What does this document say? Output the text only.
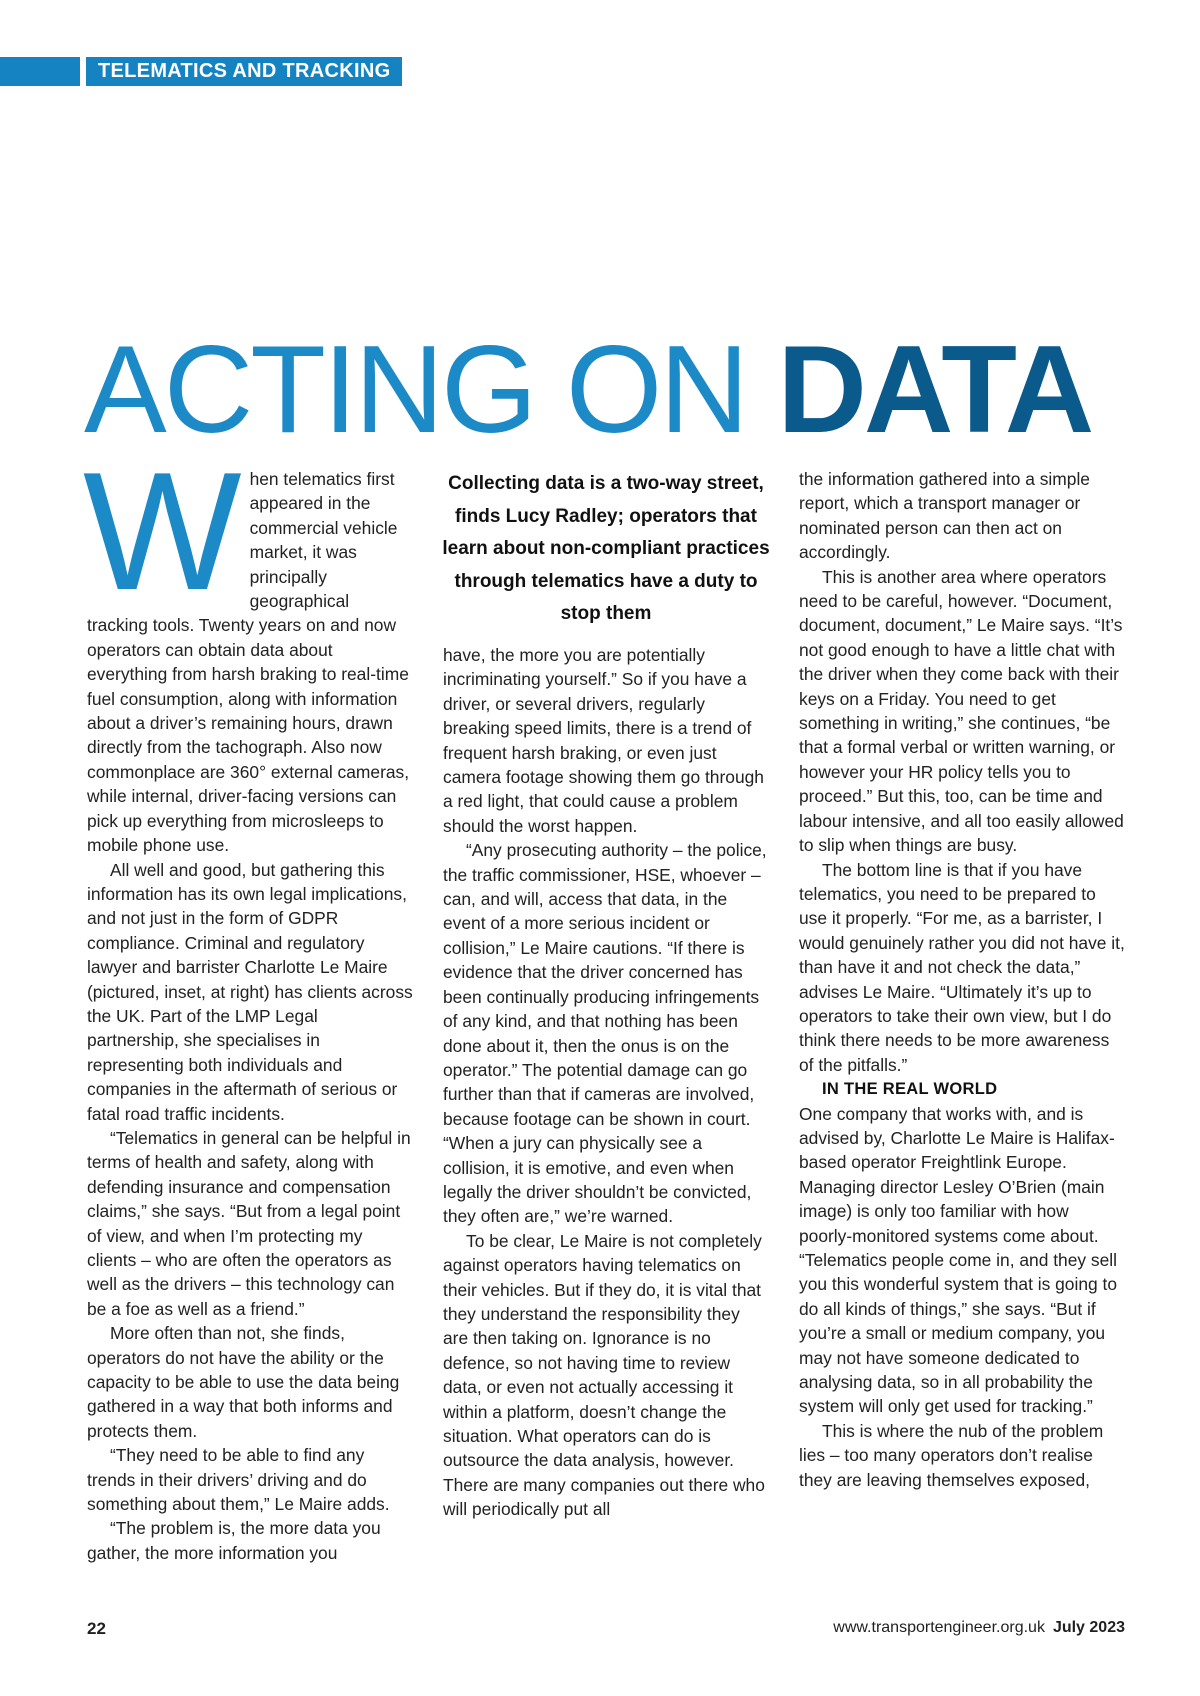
TELEMATICS AND TRACKING
ACTING ON DATA
W hen telematics first appeared in the commercial vehicle market, it was principally geographical tracking tools. Twenty years on and now operators can obtain data about everything from harsh braking to real-time fuel consumption, along with information about a driver’s remaining hours, drawn directly from the tachograph. Also now commonplace are 360° external cameras, while internal, driver-facing versions can pick up everything from microsleeps to mobile phone use.

All well and good, but gathering this information has its own legal implications, and not just in the form of GDPR compliance. Criminal and regulatory lawyer and barrister Charlotte Le Maire (pictured, inset, at right) has clients across the UK. Part of the LMP Legal partnership, she specialises in representing both individuals and companies in the aftermath of serious or fatal road traffic incidents.

“Telematics in general can be helpful in terms of health and safety, along with defending insurance and compensation claims,” she says. “But from a legal point of view, and when I’m protecting my clients – who are often the operators as well as the drivers – this technology can be a foe as well as a friend.”

More often than not, she finds, operators do not have the ability or the capacity to be able to use the data being gathered in a way that both informs and protects them.

“They need to be able to find any trends in their drivers’ driving and do something about them,” Le Maire adds.

“The problem is, the more data you gather, the more information you

Collecting data is a two-way street, finds Lucy Radley; operators that learn about non-compliant practices through telematics have a duty to stop them

have, the more you are potentially incriminating yourself.” So if you have a driver, or several drivers, regularly breaking speed limits, there is a trend of frequent harsh braking, or even just camera footage showing them go through a red light, that could cause a problem should the worst happen.

“Any prosecuting authority – the police, the traffic commissioner, HSE, whoever – can, and will, access that data, in the event of a more serious incident or collision,” Le Maire cautions. “If there is evidence that the driver concerned has been continually producing infringements of any kind, and that nothing has been done about it, then the onus is on the operator.” The potential damage can go further than that if cameras are involved, because footage can be shown in court. “When a jury can physically see a collision, it is emotive, and even when legally the driver shouldn’t be convicted, they often are,” we’re warned.

To be clear, Le Maire is not completely against operators having telematics on their vehicles. But if they do, it is vital that they understand the responsibility they are then taking on. Ignorance is no defence, so not having time to review data, or even not actually accessing it within a platform, doesn’t change the situation. What operators can do is outsource the data analysis, however. There are many companies out there who will periodically put all

the information gathered into a simple report, which a transport manager or nominated person can then act on accordingly.

This is another area where operators need to be careful, however. “Document, document, document,” Le Maire says. “It’s not good enough to have a little chat with the driver when they come back with their keys on a Friday. You need to get something in writing,” she continues, “be that a formal verbal or written warning, or however your HR policy tells you to proceed.” But this, too, can be time and labour intensive, and all too easily allowed to slip when things are busy.

The bottom line is that if you have telematics, you need to be prepared to use it properly. “For me, as a barrister, I would genuinely rather you did not have it, than have it and not check the data,” advises Le Maire. “Ultimately it’s up to operators to take their own view, but I do think there needs to be more awareness of the pitfalls.”

IN THE REAL WORLD

One company that works with, and is advised by, Charlotte Le Maire is Halifax-based operator Freightlink Europe. Managing director Lesley O’Brien (main image) is only too familiar with how poorly-monitored systems come about. “Telematics people come in, and they sell you this wonderful system that is going to do all kinds of things,” she says. “But if you’re a small or medium company, you may not have someone dedicated to analysing data, so in all probability the system will only get used for tracking.”

This is where the nub of the problem lies – too many operators don’t realise they are leaving themselves exposed,

22	www.transportengineer.org.uk July 2023
